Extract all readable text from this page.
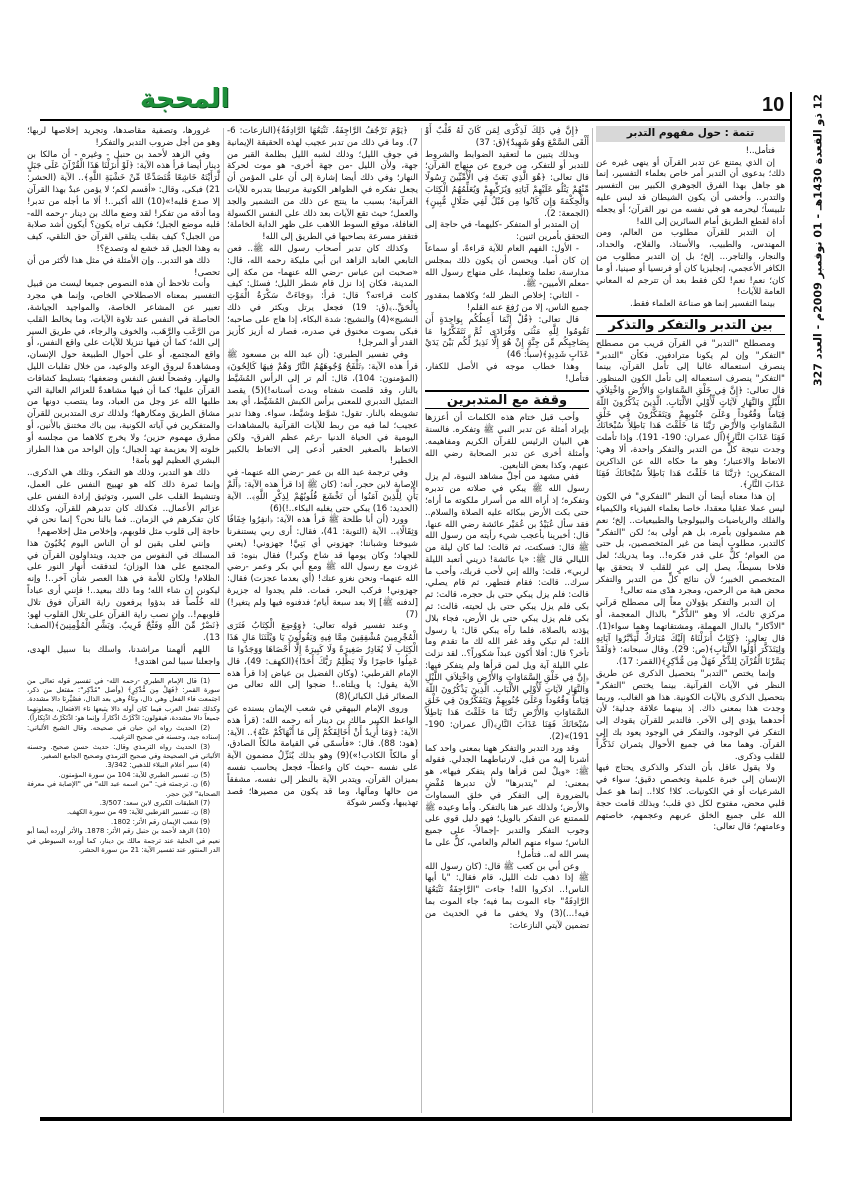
المحجة	10
12 ذو القعدة 1430هـ - 01 نوفمبر 2009م - العدد 327
تتمة : حول مفهوم التدبر

فتأمل..!

إن الذي يمتنع عن تدبر القرآن أو ينهى غيره عن ذلك؛ بدعوى أن التدبر أمر خاص بعلماء التفسير، إنما هو جاهل بهذا الفرق الجوهري الكبير بين التفسير والتدبر.. وأخشى أن يكون الشيطان قد لبس عليه تلبيساً؛ ليحرمه هو في نفسه من نور القرآن؛ أو يجعله أداة لقطع الطريق أمام السائرين إلى الله!

إن التدبر للقرآن مطلوب من العالم، ومن المهندس، والطبيب، والأستاذ، والفلاح، والحداد، والنجار، والتاجر... إلخ؛ بل إن التدبر مطلوب من الكافر الأعجمي، إنجليزيا كان أو فرنسيا أو صينيا، أو ما كان؛ نعم! نعم! لكن فقط بعد أن تترجم له المعاني العامة للآيات!

بينما التفسير إنما هو صناعة العلماء فقط.

بين التدبر والتفكر والتذكر

ومصطلح "التدبر" في القرآن قريب من مصطلح "التفكر" وإن لم يكونا مترادفين. فكأن "التدبر" ينصرف استعماله غالبا إلى تأمل القرآن، بينما "التفكر" ينصرف استعماله إلى تأمل الكون المنظور. قال تعالى: ﴿إِنَّ فِي خَلْقِ السَّمَاوَاتِ وَالأَرْضِ وَاخْتِلاَفِ اللَّيْلِ وَالنَّهَارِ لآيَاتٍ لِّأُوْلِي الألْبَابِ. الَّذِينَ يَذْكُرُونَ اللّهَ قِيَاماً وَقُعُوداً وَعَلَىَ جُنُوبِهِمْ وَيَتَفَكَّرُونَ فِي خَلْقِ السَّمَاوَاتِ وَالأَرْضِ رَبَّنَا مَا خَلَقْتَ هَذا بَاطِلاً سُبْحَانَكَ فَقِنَا عَذَابَ النَّارِ﴾(آل عمران: 190- 191). وإذا تأملت وجدت نتيجة كلٍّ من التدبر والتفكر واحدة، ألا وهي: الاتعاظ والاعتبار؛ وهو ما حكاه الله عن الذاكرين المتفكرين: ﴿رَبَّنَا مَا خَلَقْتَ هَذا بَاطِلاً سُبْحَانَكَ فَقِنَا عَذَابَ النَّارِ﴾.

إن هذا معناه أيضا أن النظر "التفكري" في الكون ليس عملا عقليا معقدا، خاصا بعلماء الفيزياء والكيمياء والفلك والرياضيات والبيولوجيا والطبيعيات.. إلخ؛ نعم هم مشمولون بأمره، بل هم أولى به؛ لكن "التفكر" كالتدبر، مطلوب أيضا من غير المتخصصين، بل حتى من العوام؛ كلٌّ على قدر فكره!.. وما يدريك؛ لعل فلاحا بسيطاً، يصل إلى عبرٍ للقلب لا يتحقق بها المتخصص الخبير؛ لأن نتائج كلٍّ من التدبر والتفكر محض هبة من الرحمن، ومجرد هدًى منه تعالى!

إن التدبر والتفكر يؤولان معاً إلى مصطلح قرآني مركزي ثالث، ألا وهو "الذِّكْر" بالذال المعجمة، أو "الادِّكار" بالدال المهملة، ومشتقاتهما وهما سواء(1). قال تعالى: ﴿كِتَابٌ أَنزَلْنَاهُ إِلَيْكَ مُبَارَكٌ لِّيَدَّبَّرُوا آيَاتِهِ وَلِيَتَذَكَّرَ أُوْلُوا الأَلْبَابِ﴾(ص: 29). وقال سبحانه: ﴿وَلَقَدْ يَسَّرْنَا الْقُرْآنَ لِلذِّكْرِ فَهَلْ مِن مُّدَّكِرٍ﴾(القمر: 17).

وإنما يختص "التدبر" بتحصيل الذكرى عن طريق النظر في الآيات القرآنية. بينما يختص "التفكر" بتحصيل الذكرى بالآيات الكونية. هذا هو الغالب، وربما وجدت هذا بمعنى ذاك. إذ بينهما علاقة جدلية؛ لأن أحدهما يؤدي إلى الآخر. فالتدبر للقرآن يقودك إلى التفكر في الوجود، والتفكر في الوجود يعود بك إلى القرآن. وهما معا في جميع الأحوال يثمران تَذَكُّراً للقلب وذكرى.

ولا يقول عاقل بأن التذكر والذكرى يحتاج فيها الإنسان إلى خبرة علمية وتخصص دقيق؛ سواء في الشرعيات أو في الكونيات. كلا! كلا!.. إنما هو عمل قلبي محض، مفتوح لكل ذي قلب؛ وبذلك قامت حجة الله على جميع الخلق عربهم وعجمهم، خاصتهم وعامتهم؛ قال تعالى:

﴿إِنَّ فِي ذَلِكَ لَذِكْرَى لِمَن كَانَ لَهُ قَلْبٌ أَوْ أَلْقَى السَّمْعَ وَهُوَ شَهِيدٌ﴾(ق: 37)

وبذلك يتبين ما لتعقيد الضوابط والشروط للتدبر أو للتفكر، من خروج عن منهاج القرآن؛ قال تعالى: ﴿هُوَ الَّذِي بَعَثَ فِي الْأُمِّيِّينَ رَسُولًا مِّنْهُمْ يَتْلُو عَلَيْهِمْ آيَاتِهِ وَيُزَكِّيهِمْ وَيُعَلِّمُهُمُ الْكِتَابَ وَالْحِكْمَةَ وَإِن كَانُوا مِن قَبْلُ لَفِي ضَلَالٍ مُّبِينٍ﴾(الجمعة: 2).

إن المتدبر أو المتفكر -كليهما- في حاجة إلى التحقق بأمرين اثنين:

- الأول: الفهم العام للآية قراءةً، أو سماعاً إن كان أميا. ويحسن أن يكون ذلك بمجلس مدارسة، تعلما وتعليما، على منهاج رسول الله -معلم الأميين- ﷺ.

- الثاني: إخلاص النظر لله؛ وكلاهما بمقدور جميع الناس، إلا من رُفِعَ عنه القلم!

قال تعالى: ﴿قُلْ إِنَّمَا أَعِظُكُم بِوَاحِدَةٍ أَن تَقُومُوا لِلَّهِ مَثْنَى وَفُرَادَى ثُمَّ تَتَفَكَّرُوا مَا بِصَاحِبِكُم مِّن جِنَّةٍ إِنْ هُوَ إِلَّا نَذِيرٌ لَّكُم بَيْنَ يَدَيْ عَذَابٍ شَدِيدٍ﴾(سبأ: 46)

وهذا خطاب موجه في الأصل للكفار، فتأمل!

وقفة مع المتدبرين

وأحب قبل ختام هذه الكلمات أن أعززها بإيراد أمثلة عن تدبر النبي ﷺ وتفكره. فالسنة هي البيان الرئيس للقرآن الكريم ومفاهيمه. وأمثلة أخرى عن تدبر الصحابة رضي الله عنهم، وكذا بعض التابعين.

ففي مشهد من أجلّ مشاهد النبوة، لم يزل رسول الله ﷺ يبكي في صلاته من تدبره وتفكره؛ إذ أراه الله من أسرار ملكوته ما أراه؛ حتى بكت الأرض ببكائه عليه الصلاة والسلام.. فقد سأل عُبَيْدُ بن عُمَيْر عائشة رضي الله عنها، قال: أخبرينا بأعجب شيء رأيته من رسول الله ﷺ قال: فسكتت، ثم قالت: لما كان ليلة من الليالي قال ﷺ: «يا عائشة! ذريني أتعبد الليلة لربي»، قلت: والله إني لأحب قربك، وأحب ما سرك.. قالت: فقام فتطهر، ثم قام يصلي، قالت: فلم يزل يبكي حتى بل حجره، قالت: ثم بكى فلم يزل يبكي حتى بل لحيته، قالت: ثم بكى فلم يزل يبكي حتى بل الأرض، فجاء بلال يؤذنه بالصلاة، فلما رآه يبكي قال: يا رسول الله: لم تبكي وقد غفر الله لك ما تقدم وما تأخر؟ قال: أفلا أكون عبداً شكوراً؟.. لقد نزلت علي الليلة آية ويل لمن قرأها ولم يتفكر فيها: ﴿إِنَّ فِي خَلْقِ السَّمَاوَاتِ وَالأَرْضِ وَاخْتِلاَفِ اللَّيْلِ وَالنَّهَارِ لآيَاتٍ لِّأُوْلِي الألْبَابِ. الَّذِينَ يَذْكُرُونَ اللّهَ قِيَاماً وَقُعُوداً وَعَلَىَ جُنُوبِهِمْ وَيَتَفَكَّرُونَ فِي خَلْقِ السَّمَاوَاتِ وَالأَرْضِ رَبَّنَا مَا خَلَقْتَ هَذا بَاطِلاً سُبْحَانَكَ فَقِنَا عَذَابَ النَّارِ﴾(آل عمران: 190- 191)»(2).

وقد ورد التدبر والتفكر ههنا بمعنى واحد كما أشرنا إليه من قبل، لارتباطهما الجدلي. فقوله ﷺ: «ويلٌ لمن قرأها ولم يتفكر فيها»، هو بمعنى: لم "يتدبرها" لأن تدبرها مُفْضٍ بالضرورة إلى التفكر في خلق السماوات والأرض؛ ولذلك عبر هنا بالتفكر. وأما وعيده ﷺ للممتنع عن التفكر بالويل؛ فهو دليل قوي على وجوب التفكر والتدبر -إجمالاً- على جميع الناس؛ سواء منهم العالم والعامي، كلٌّ على ما يسر الله له.. فتأمل!

وعن أبي بن كعب ﷺ قال: (كان رسول الله ﷺ إذا ذهب ثلث الليل، قام فقال: "يا أيها الناس!.. اذكروا الله! جاءت "الرَّاجِفَةُ تَتْبَعُهَا الرَّادِفَةُ" جاء الموت بما فيه؛ جاء الموت بما فيه!...)(3) ولا يخفى ما في الحديث من تضمين لآيتي النازعات:

﴿يَوْمَ تَرْجُفُ الرَّاجِفَةُ. تَتْبَعُهَا الرَّادِفَةُ﴾(النازعات: 6- 7). وما في ذلك من تدبر عجيب لهذه الحقيقة الإيمانية في جوف الليل؛ وذلك لشبه الليل بظلمة القبر من جهة، ولأن الليل -من جهة أخرى- هو موت لحركة النهار؛ وفي ذلك أيضا إشارة إلى أن على المؤمن أن يجعل تفكره في الظواهر الكونية مرتبطا بتدبره للآيات القرآنية؛ بسبب ما ينتج عن ذلك من التشمير والجد والعمل؛ حيث تقع الآيات بعد ذلك على النفس الكسولة الغافلة، موقع السوط اللاهب على ظهر الدابة الخاملة؛ فتقفز مسرعة بصاحبها في الطريق إلى الله!

وكذلك كان تدبر أصحاب رسول الله ﷺ.. فعن التابعي العابد الزاهد ابن أبي مليكة رحمه الله، قال: «صحبت ابن عباس -رضي الله عنهما- من مكة إلى المدينة، فكان إذا نزل قام شطر الليل؛ فسئل: كيف كانت قراءته؟ قال: قرأ: ﴿وَجَاءَتْ سَكْرَةُ الْمَوْتِ بِالْحَقِّ..﴾(ق: 19) فجعل يرتل ويكثر في ذلك النشيج»(4) والنشيج: شدة البكاء، إذا هاج على صاحبه؛ فبكى بصوت مخنوق في صدره، فصار له أزيز كأزيز القدر أو المرجل!

وفي تفسير الطبري: (أن عبد الله بن مسعود ﷺ قرأ هذه الآية: ﴿تَلْفَحُ وُجُوهَهُمُ النَّارُ وَهُمْ فِيهَا كَالِحُونَ﴾(المؤمنون: 104)، قال: ألم تر إلى الرأس المُشَيَّط بالنار، وقد قلصت شفتاه وبدت أسنانه!)(5) يقصد التمثيل التدبري للمعنى برأس الكبش المُشَيَّط، أي بعد تشويطه بالنار. تقول: شوَّط وشيَّط، سواء. وهذا تدبر عجيب؛ لما فيه من ربط للآيات القرآنية بالمشاهدات اليومية في الحياة الدنيا -رغم عظم الفرق- ولكن الاتعاظ بالصغير الحقير أدعى إلى الاتعاظ بالكبير الخطير!

وفي ترجمة عبد الله بن عمر -رضي الله عنهما- في الإصابة لابن حجر، أنه: (كان ﷺ إذا قرأ هذه الآية: ﴿أَلَمْ يَأْنِ لِلَّذِينَ آمَنُوا أَن تَخْشَعَ قُلُوبُهُمْ لِذِكْرِ اللَّهِ﴾.. الآية (الحديد: 16) يبكي حتى يغلبه البكاء..!)(6)

وورد (أن أبا طلحة ﷺ قرأ هذه الآية: ﴿انفِرُوا خِفَافًا وَثِقَالًا﴾.. الآية (التوبة: 41)، فقال: أرى ربي يستنفرنا شيوخنا وشباننا: جهزوني أي بَنِيَّ! جهزوني! (يعني للجهاد؛ وكان يومها قد شاخ وكبر!) فقال بنوه: قد غزوت مع رسول الله ﷺ ومع أبي بكر وعمر -رضي الله عنهما- ونحن نغزو عنك! (أي بعدما عجزت) فقال: جهزوني! فركب البحر، فمات. فلم يجدوا له جزيرة [لدفنه ﷺ] إلا بعد سبعة أيام؛ فدفنوه فيها ولم يتغير!)(7)

وعند تفسير قوله تعالى: ﴿وَوُضِعَ الْكِتَابُ فَتَرَى الْمُجْرِمِينَ مُشْفِقِينَ مِمَّا فِيهِ وَيَقُولُونَ يَا وَيْلَتَنَا مَالِ هَذَا الْكِتَابِ لَا يُغَادِرُ صَغِيرَةً وَلَا كَبِيرَةً إِلَّا أَحْصَاهَا وَوَجَدُوا مَا عَمِلُوا حَاضِرًا وَلَا يَظْلِمُ رَبُّكَ أَحَدًا﴾(الكهف: 49)، قال الإمام القرطبي: (وكان الفضيل بن عياض إذا قرأ هذه الآية يقول: يا ويلتاه..! ضجوا إلى الله تعالى من الصغائر قبل الكبائر)(8)

وروى الإمام البيهقي في شعب الإيمان بسنده عن الواعظ الكبير مالك بن دينار أنه رحمه الله: (قرأ هذه الآية: ﴿وَمَا أُرِيدُ أَنْ أُخَالِفَكُمْ إِلَى مَا أَنْهَاكُمْ عَنْهُ﴾.. الآية: (هود: 88). قال: «فأسمّى في القيامة مالكاً الصادق، أو مالكاً الكاذب!»)(9) وهو بذلك يُنَزِّلُ مضمون الآية على نفسه -حيث كان واعظاً- فجعل يحاسب نفسه بميزان القرآن، ويتدبر الآية بالنظر إلى نفسه، مشفقاً من حالها ومآلها، وما قد يكون من مصيرها؛ قصد تهذيبها، وكسر شوكة

غرورها، وتصفية مقاصدها، وتجريد إخلاصها لربها؛ وهو من أجل ضروب التدبر والتفكر!

وفي الزهد لأحمد بن حنبل - وغيره - أن مالكا بن دينار أيضا قرأ هذه الآية: ﴿لَوْ أَنزَلْنَا هَذَا الْقُرْآنَ عَلَى جَبَلٍ لَّرَأَيْتَهُ خَاشِعًا مُّتَصَدِّعًا مِّنْ خَشْيَةِ اللَّهِ﴾.. الآية (الحشر: 21) فبكى، وقال: «أقسم لكم؛ لا يؤمن عبدٌ بهذا القرآن إلا صدع قلبه!»(10) الله أكبر..! ألا ما أجله من تدبر! وما أدقه من تفكر! لقد وضع مالك بن دينار -رحمه الله- قلبه موضع الجبل؛ فكيف تراه يكون؟ أيكون أشد صلابة من الجبل؟ كيف بقلب يتلقى القرآن حق التلقي، كيف به وهذا الجبل قد خشع له وتصدع؟!

ذلك هو التدبر.. وإن الأمثلة في مثل هذا لأكثر من أن تحصى!

وأنت تلاحظ أن هذه النصوص جميعا ليست من قبيل التفسير بمعناه الاصطلاحي الخاص، وإنما هي مجرد تعبير عن المشاعر الخاصة، والمواجيد الجياشة، الحاصلة في النفس عند تلاوة الآيات، وما يخالط القلب من الرَّغَب والرَّهَب، والخوف والرجاء، في طريق السير إلى الله؛ كما أن فيها تنزيلا للآيات على واقع النفس، أو واقع المجتمع، أو على أحوال الطبيعة حول الإنسان، ومشاهدةً لبروق الوعد والوعيد، من خلال تقلبات الليل والنهار. وفضحاً لغش النفس وضعفها؛ بتسليط كشافات القرآن عليها؛ كما أن فيها مشاهدةً للعزائم العالية التي طلبها الله عز وجل من العباد، وما ينتصب دونها من مشاق الطريق ومكارهها؛ ولذلك ترى المتدبرين للقرآن والمتفكرين في آياته الكونية، بين باك مختنق بالأنين، أو مطرق مهموم حزين؛ ولا يخرج كلاهما من مجلسه أو خلوته إلا بعزيمة تهد الجبال؛ وإن الواحد من هذا الطراز البشري العظيم لهو بأمة!

ذلك هو التدبر، وذلك هو التفكر، وتلك هي الذكرى.. وإنما ثمرة ذلك كله هو تهييج النفس على العمل، وتنشيط القلب على السير، وتوثيق إرادة النفس على عزائم الأعمال.. فكذلك كان تدبرهم للقرآن، وكذلك كان تفكرهم في الزمان.. فما بالنا نحن؟ إنما نحن في حاجة إلى قلوب مثل قلوبهم، وإخلاص مثل إخلاصهم!

وإنني لعلى يقين لو أن الناس اليوم يُحْيُونَ هذا المسلك في النفوس من جديد، ويتداولون القرآن في المجتمع على هذا الوزان؛ لتدفقت أنهار النور على الظلام! ولكان للأمة في هذا العصر شأن آخر..! وإنه ليكونن إن شاء الله؛ وما ذلك ببعيد..! فإنني أرى عباداً لله خُلّصاً قد بدؤوا يرفعون راية القرآن فوق تلال قلوبهم!.. وإن نصب راية القرآن على تلال القلوب لهو: ﴿نَصْرٌ مِّنَ اللَّهِ وَفَتْحٌ قَرِيبٌ. وَبَشِّرِ الْمُؤْمِنِينَ﴾(الصف: 13).

اللهم ألهمنا مراشدنا، واسلك بنا سبيل الهدى، واجعلنا سببا لمن اهتدى!

(1) قال الإمام الطبري -رحمه الله- في تفسير قوله تعالى من سورة القمر: ﴿فَهَلْ مِن مُّدَّكِرٍ﴾ (وأصل "مُدَّكِر": مفتعل من ذكر، اجتمعت فاء الفعل وهي ذال، وتاءٌ وهي بعد الذال، فصُيِّرتا دالا مشددة. وكذلك تفعل العرب فيما كان أوله ذالا يتبعها تاء الافتعال، يجعلونهما جميعاً دالا مشددة، فيقولون: ادَّكَرْتُ ادِّكاراً، وإنما هو: اذْتَكَرْتُ اذْتِكاراً).

(2) الحديث رواه ابن حبان في صحيحه. وقال الشيخ الألباني: إسناده جيد، وحسنه في صحيح الترغيب.

(3) الحديث رواه الترمذي وقال: حديث حسن صحيح. وحسنه الألباني في الصحيحة وفي صحيح الترمذي وصحيح الجامع الصغير.

(4) سير أعلام النبلاء للذهبي: 3/342.

(5) ن. تفسير الطبري للآية: 104 من سورة المؤمنون.

(6) ن. ترجمته في: "من اسمه عبد الله" في "الإصابة في معرفة الصحابة" لابن حجر.

(7) الطبقات الكبرى لابن سعد: 3/507.

(8) ن. تفسير القرطبي للآية: 49 من سورة الكهف.

(9) شعب الإيمان رقم الأثر: 1802.

(10) الزهد لأحمد بن حنبل رقم الأثر: 1878. والأثر أورده أيضا أبو نعيم في الحلية عند ترجمة مالك بن دينار، كما أورده السيوطي في الدر المنثور عند تفسير الآية: 21 من سورة الحشر.
